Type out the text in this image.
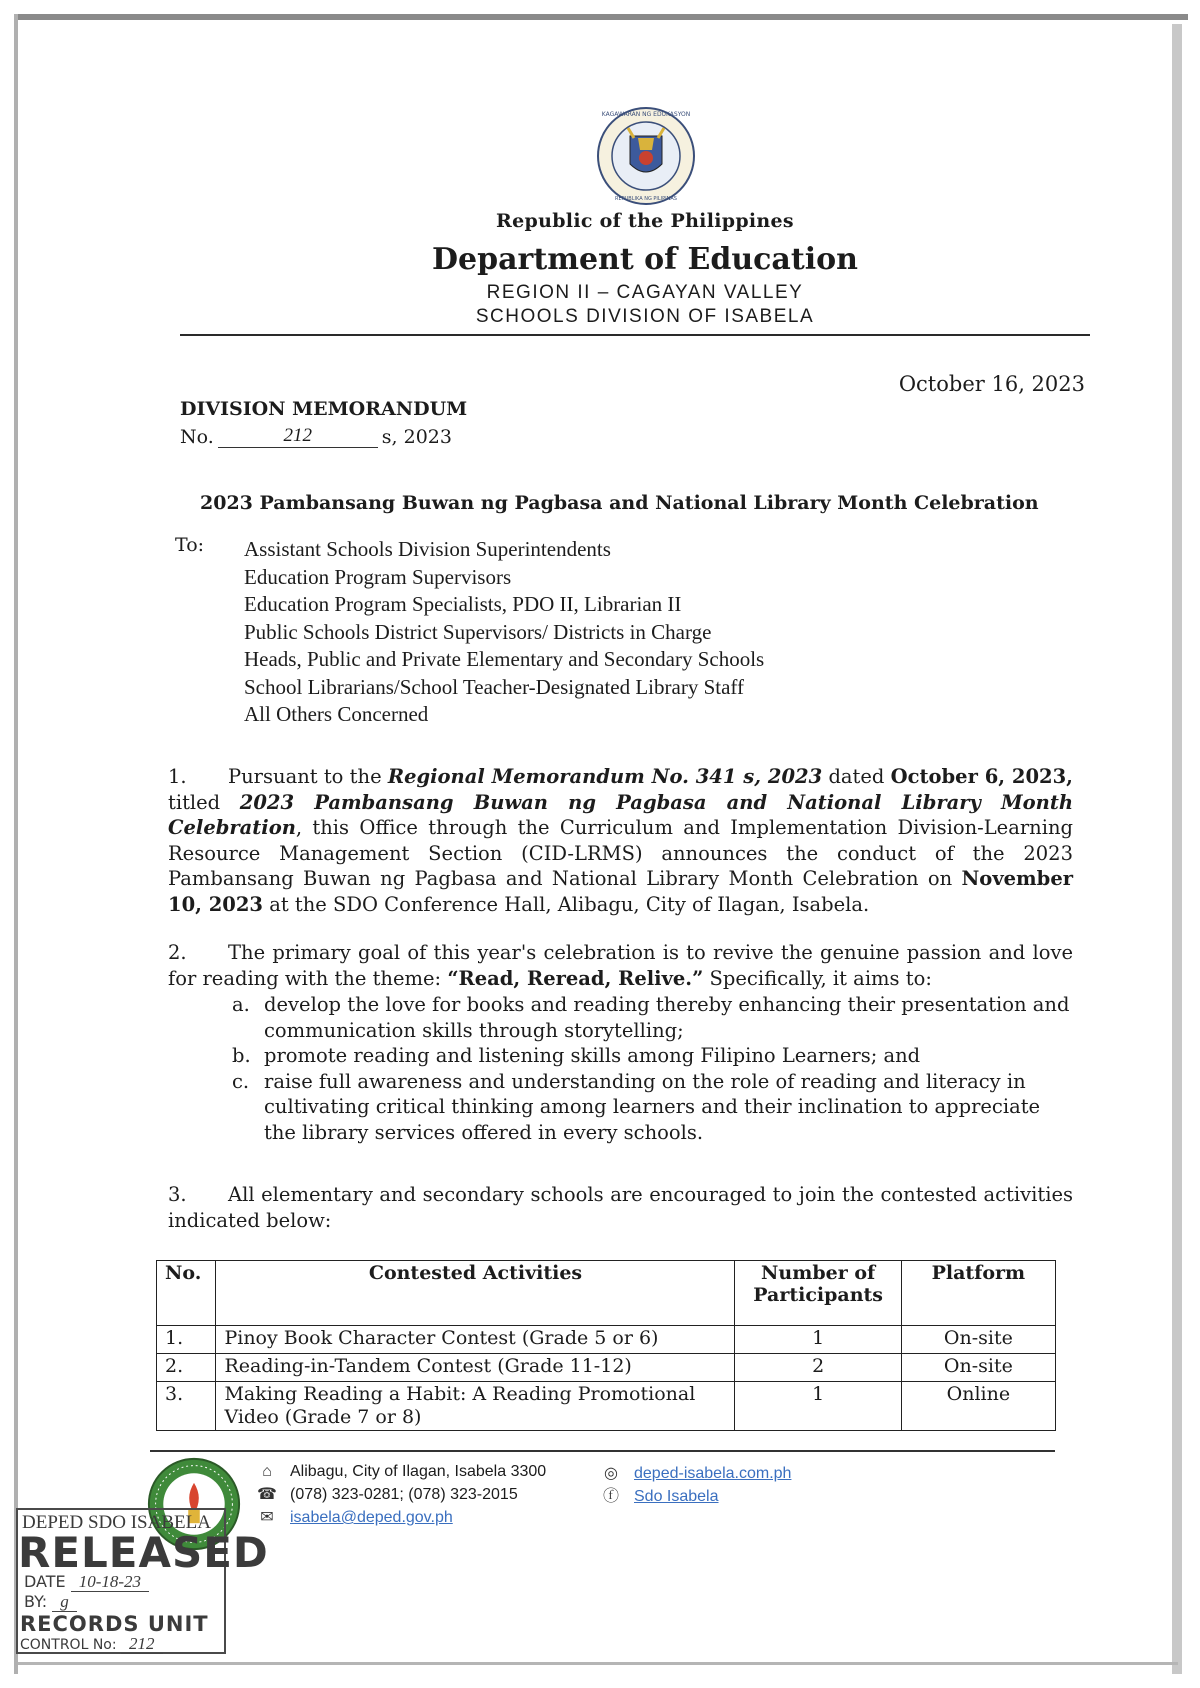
KAGAWARAN NG EDUKASYON
REPUBLIKA NG PILIPINAS
Republic of the Philippines
Department of Education
REGION II – CAGAYAN VALLEY
SCHOOLS DIVISION OF ISABELA
October 16, 2023
DIVISION MEMORANDUM
No.	212	s, 2023
2023 Pambansang Buwan ng Pagbasa and National Library Month Celebration
To: Assistant Schools Division Superintendents
Education Program Supervisors
Education Program Specialists, PDO II, Librarian II
Public Schools District Supervisors/ Districts in Charge
Heads, Public and Private Elementary and Secondary Schools
School Librarians/School Teacher-Designated Library Staff
All Others Concerned

1. Pursuant to the Regional Memorandum No. 341 s, 2023 dated October 6, 2023, titled 2023 Pambansang Buwan ng Pagbasa and National Library Month Celebration, this Office through the Curriculum and Implementation Division-Learning Resource Management Section (CID-LRMS) announces the conduct of the 2023 Pambansang Buwan ng Pagbasa and National Library Month Celebration on November 10, 2023 at the SDO Conference Hall, Alibagu, City of Ilagan, Isabela.

2. The primary goal of this year's celebration is to revive the genuine passion and love for reading with the theme: “Read, Reread, Relive.” Specifically, it aims to:

a. develop the love for books and reading thereby enhancing their presentation and communication skills through storytelling;
b. promote reading and listening skills among Filipino Learners; and
c. raise full awareness and understanding on the role of reading and literacy in cultivating critical thinking among learners and their inclination to appreciate the library services offered in every schools.

3. All elementary and secondary schools are encouraged to join the contested activities indicated below:

No.	Contested Activities	Number of Participants	Platform
1.	Pinoy Book Character Contest (Grade 5 or 6)	1	On-site
2.	Reading-in-Tandem Contest (Grade 11-12)	2	On-site
3.	Making Reading a Habit: A Reading Promotional Video (Grade 7 or 8)	1	Online
⌂	Alibagu, City of Ilagan, Isabela 3300
☎ (078) 323-0281; (078) 323-2015
✉ isabela@deped.gov.ph
◎ deped-isabela.com.ph
ⓕ Sdo Isabela
DEPED SDO ISABELA
RELEASED
DATE 10-18-23
BY: g
RECORDS UNIT
CONTROL No: 212
